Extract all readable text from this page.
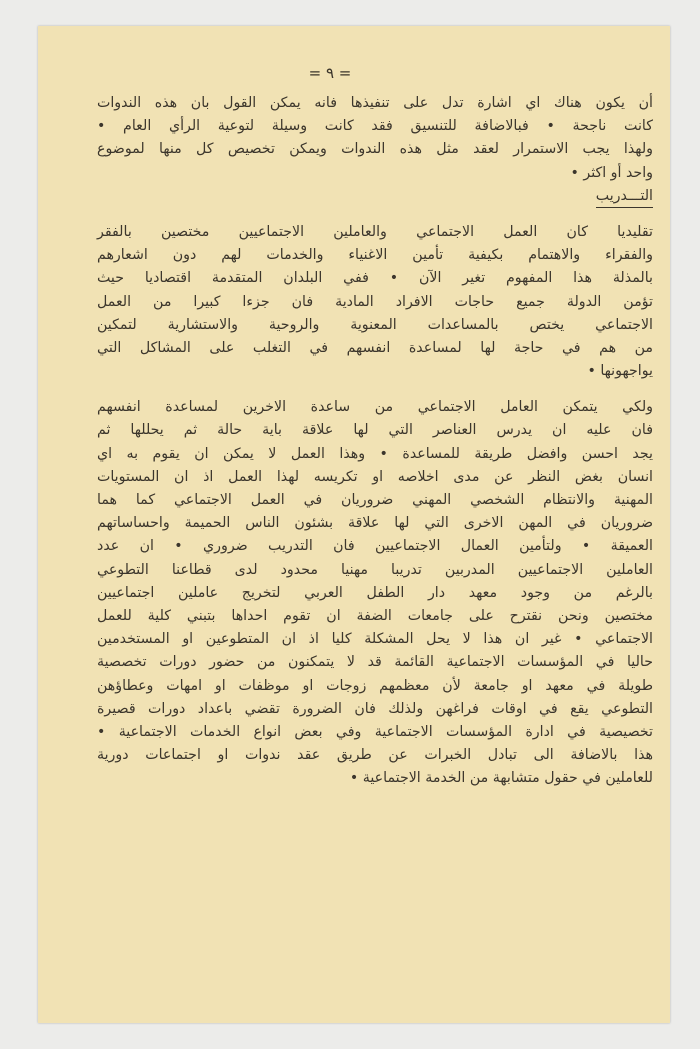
= ٩ =
أن يكون هناك اي اشارة تدل على تنفيذها فانه يمكن القول بان هذه الندوات
كانت ناجحة • فبالاضافة للتنسيق فقد كانت وسيلة لتوعية الرأي العام •
ولهذا يجب الاستمرار لعقد مثل هذه الندوات ويمكن تخصيص كل منها لموضوع
واحد أو اكثر •
التـــدريب
تقليديا كان العمل الاجتماعي والعاملين الاجتماعيين مختصين بالفقر
والفقراء والاهتمام بكيفية تأمين الاغنياء والخدمات لهم دون اشعارهم
بالمذلة هذا المفهوم تغير الآن • ففي البلدان المتقدمة اقتصاديا حيث
تؤمن الدولة جميع حاجات الافراد المادية فان جزءا كبيرا من العمل
الاجتماعي يختص بالمساعدات المعنوية والروحية والاستشارية لتمكين
من هم في حاجة لها لمساعدة انفسهم في التغلب على المشاكل التي
يواجهونها •
ولكي يتمكن العامل الاجتماعي من ساعدة الاخرين لمساعدة انفسهم
فان عليه ان يدرس العناصر التي لها علاقة باية حالة ثم يحللها ثم
يجد احسن وافضل طريقة للمساعدة • وهذا العمل لا يمكن ان يقوم به اي
انسان بغض النظر عن مدى اخلاصه او تكريسه لهذا العمل اذ ان المستويات
المهنية والانتظام الشخصي المهني ضروريان في العمل الاجتماعي كما هما
ضروريان في المهن الاخرى التي لها علاقة بشئون الناس الحميمة واحساساتهم
العميقة • ولتأمين العمال الاجتماعيين فان التدريب ضروري • ان عدد
العاملين الاجتماعيين المدربين تدريبا مهنيا محدود لدى قطاعنا التطوعي
بالرغم من وجود معهد دار الطفل العربي لتخريج عاملين اجتماعيين
مختصين ونحن نقترح على جامعات الضفة ان تقوم احداها بتبني كلية للعمل
الاجتماعي • غير ان هذا لا يحل المشكلة كليا اذ ان المتطوعين او المستخدمين
حاليا في المؤسسات الاجتماعية القائمة قد لا يتمكنون من حضور دورات تخصصية
طويلة في معهد او جامعة لأن معظمهم زوجات او موظفات او امهات وعطاؤهن
التطوعي يقع في اوقات فراغهن ولذلك فان الضرورة تقضي باعداد دورات قصيرة
تخصيصية في ادارة المؤسسات الاجتماعية وفي بعض انواع الخدمات الاجتماعية •
هذا بالاضافة الى تبادل الخبرات عن طريق عقد ندوات او اجتماعات دورية
للعاملين في حقول متشابهة من الخدمة الاجتماعية •
